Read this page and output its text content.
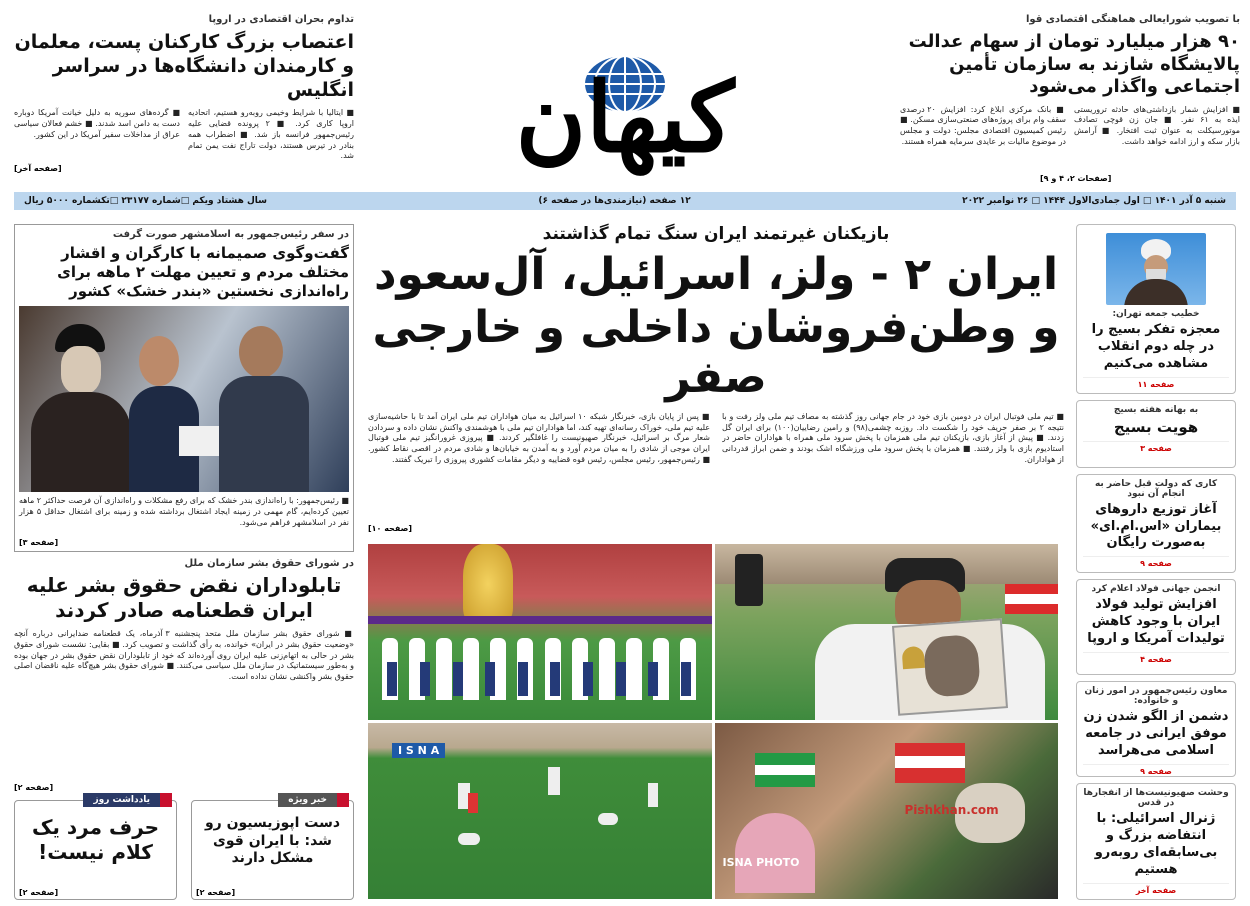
با تصویب شورایعالی هماهنگی اقتصادی قوا
۹۰ هزار میلیارد تومان از سهام عدالت پالایشگاه شازند به سازمان تأمین اجتماعی واگذار می‌شود
■ افزایش شمار بازداشتی‌های حادثه تروریستی ایذه به ۶۱ نفر. ■ جان زن قوچی تصادف موتورسیکلت به عنوان ثبت افتخار. ■ آرامش بازار سکه و ارز ادامه خواهد داشت.
■ بانک مرکزی ابلاغ کرد: افزایش ۲۰ درصدی سقف وام برای پروژه‌های صنعتی‌سازی مسکن. ■ رئیس کمیسیون اقتصادی مجلس: دولت و مجلس در موضوع مالیات بر عایدی سرمایه همراه هستند.
[صفحات ۲، ۴ و ۹]
کیهان
تداوم بحران اقتصادی در اروپا
اعتصاب بزرگ کارکنان پست، معلمان و کارمندان دانشگاه‌ها در سراسر انگلیس
■ ایتالیا با شرایط وخیمی روبه‌رو هستیم، اتحادیه اروپا کاری کرد. ■ ۲ پرونده قضایی علیه رئیس‌جمهور فرانسه باز شد. ■ اضطراب همه بنادر در تیرس هستند، دولت تاراج نفت یمن تمام شد.
■ گرده‌های سوریه به دلیل خیانت آمریکا دوباره دست به دامن اسد شدند. ■ خشم فعالان سیاسی عراق از مداخلات سفیر آمریکا در این کشور.
[صفحه آخر]
شنبه ۵ آذر ۱۴۰۱ □ اول جمادی‌الاول ۱۴۴۴ □ ۲۶ نوامبر ۲۰۲۲
۱۲ صفحه (نیازمندی‌ها در صفحه ۶)
سال هشتاد ویکم □شماره ۲۳۱۷۷ □تکشماره ۵۰۰۰ ریال
خطیب جمعه تهران:
معجزه تفکر بسیج را در چله دوم انقلاب مشاهده می‌کنیم
صفحه ۱۱
به بهانه هفته بسیج
هویت بسیج
صفحه ۳
کاری که دولت قبل حاضر به انجام آن نبود
آغاز توزیع داروهای بیماران «اس.ام.ای» به‌صورت رایگان
صفحه ۹
انجمن جهانی فولاد اعلام کرد
افزایش تولید فولاد ایران با وجود کاهش تولیدات آمریکا و اروپا
صفحه ۴
معاون رئیس‌جمهور در امور زنان و خانواده:
دشمن از الگو شدن زن موفق ایرانی در جامعه اسلامی می‌هراسد
صفحه ۹
وحشت صهیونیست‌ها از انفجارها در قدس
ژنرال اسرائیلی: با انتفاضه بزرگ و بی‌سابقه‌ای روبه‌رو هستیم
صفحه آخر
بازیکنان غیرتمند ایران سنگ تمام گذاشتند
ایران ۲ - ولز، اسرائیل، آل‌سعود
و وطن‌فروشان داخلی و خارجی صفر
■ تیم ملی فوتبال ایران در دومین بازی خود در جام جهانی روز گذشته به مصاف تیم ملی ولز رفت و با نتیجه ۲ بر صفر حریف خود را شکست داد. روزبه چشمی(۹۸) و رامین رضاییان(۱۰۰) برای ایران گل زدند. ■ پیش از آغاز بازی، بازیکنان تیم ملی همزمان با پخش سرود ملی همراه با هواداران حاضر در استادیوم بازی با ولز رفتند. ■ همزمان با پخش سرود ملی ورزشگاه اشک بودند و ضمن ابراز قدردانی از هواداران.
■ پس از پایان بازی، خبرنگار شبکه ۱۰ اسرائیل به میان هواداران تیم ملی ایران آمد تا با حاشیه‌سازی علیه تیم ملی، خوراک رسانه‌ای تهیه کند، اما هواداران تیم ملی با هوشمندی واکنش نشان داده و سردادن شعار مرگ بر اسرائیل، خبرنگار صهیونیست را غافلگیر کردند. ■ پیروزی غرورانگیز تیم ملی فوتبال ایران موجی از شادی را به میان مردم آورد و به آمدن به خیابان‌ها و شادی مردم در اقصی نقاط کشور. ■ رئیس‌جمهور، رئیس مجلس، رئیس قوه قضاییه و دیگر مقامات کشوری پیروزی را تبریک گفتند.
[صفحه ۱۰]
ISNA PHOTO
Pishkhan.com
I S N A
در سفر رئیس‌جمهور به اسلامشهر صورت گرفت
گفت‌وگوی صمیمانه با کارگران و اقشار مختلف مردم و تعیین مهلت ۲ ماهه برای راه‌اندازی نخستین «بندر خشک» کشور
■ رئیس‌جمهور: با راه‌اندازی بندر خشک که برای رفع مشکلات و راه‌اندازی آن فرصت حداکثر ۲ ماهه تعیین کرده‌ایم، گام مهمی در زمینه ایجاد اشتغال برداشته شده و زمینه برای اشتغال حداقل ۵ هزار نفر در اسلامشهر فراهم می‌شود.
[صفحه ۳]
در شورای حقوق بشر سازمان ملل
تابلوداران نقض حقوق بشر علیه ایران قطعنامه صادر کردند
■ شورای حقوق بشر سازمان ملل متحد پنجشنبه ۳ آذرماه، یک قطعنامه ضدایرانی درباره آنچه «وضعیت حقوق بشر در ایران» خوانده، به رأی گذاشت و تصویب کرد. ■ بقایی: نشست شورای حقوق بشر در حالی به اتهام‌زنی علیه ایران روی آورده‌اند که خود از تابلوداران نقض حقوق بشر در جهان بوده و به‌طور سیستماتیک در سازمان ملل سیاسی می‌کنند. ■ شورای حقوق بشر هیچ‌گاه علیه ناقضان اصلی حقوق بشر واکنشی نشان نداده است.
[صفحه ۲]
خبر ویژه
دست اپوزیسیون رو شد: با ایران قوی مشکل دارند
[صفحه ۲]
یادداشت روز
حرف مرد یک کلام نیست!
[صفحه ۲]
